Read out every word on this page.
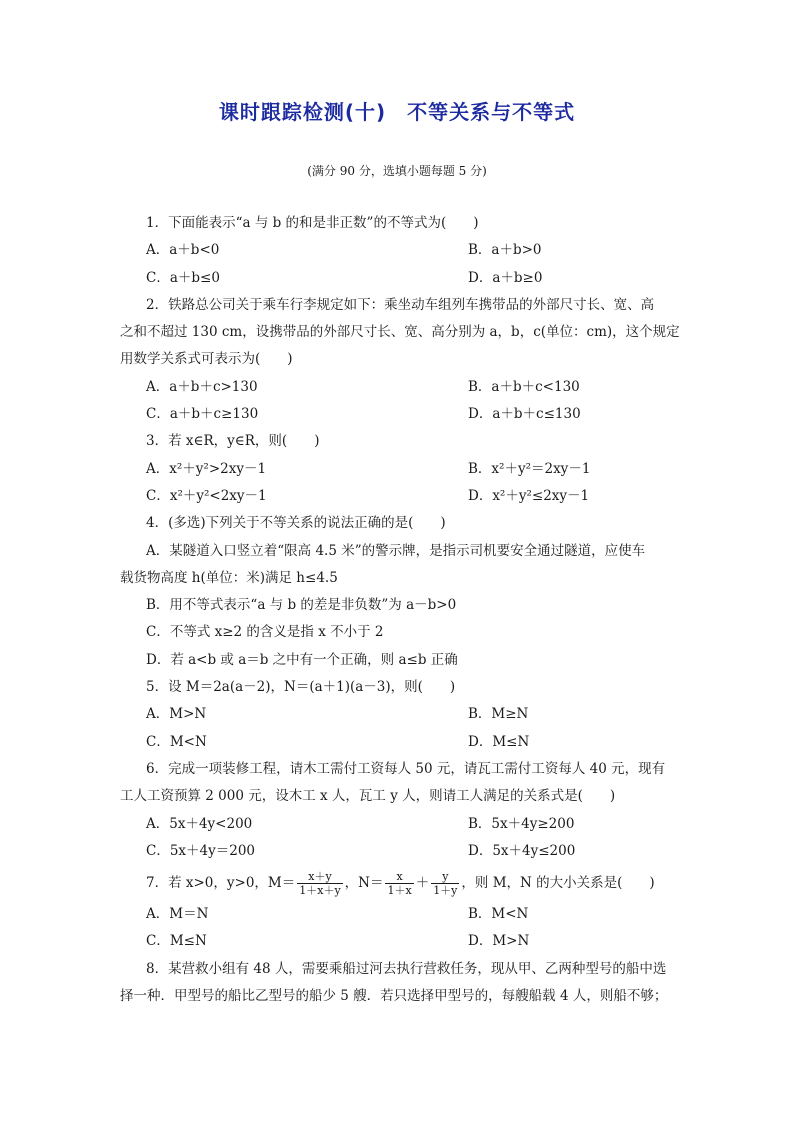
课时跟踪检测(十)　不等关系与不等式
(满分 90 分，选填小题每题 5 分)
1．下面能表示“a 与 b 的和是非正数”的不等式为(　　)
A．a＋b<0	B．a＋b>0
C．a＋b≤0	D．a＋b≥0
2．铁路总公司关于乘车行李规定如下：乘坐动车组列车携带品的外部尺寸长、宽、高
之和不超过 130 cm，设携带品的外部尺寸长、宽、高分别为 a，b，c(单位：cm)，这个规定
用数学关系式可表示为(　　)
A．a＋b＋c>130	B．a＋b＋c<130
C．a＋b＋c≥130	D．a＋b＋c≤130
3．若 x∈R，y∈R，则(　　)
A．x²＋y²>2xy－1	B．x²＋y²＝2xy－1
C．x²＋y²<2xy－1	D．x²＋y²≤2xy－1
4．(多选)下列关于不等关系的说法正确的是(　　)
A．某隧道入口竖立着“限高 4.5 米”的警示牌，是指示司机要安全通过隧道，应使车
载货物高度 h(单位：米)满足 h≤4.5
B．用不等式表示“a 与 b 的差是非负数”为 a－b>0
C．不等式 x≥2 的含义是指 x 不小于 2
D．若 a<b 或 a＝b 之中有一个正确，则 a≤b 正确
5．设 M＝2a(a－2)，N＝(a＋1)(a－3)，则(　　)
A．M>N	B．M≥N
C．M<N	D．M≤N
6．完成一项装修工程，请木工需付工资每人 50 元，请瓦工需付工资每人 40 元，现有
工人工资预算 2 000 元，设木工 x 人，瓦工 y 人，则请工人满足的关系式是(　　)
A．5x＋4y<200	B．5x＋4y≥200
C．5x＋4y＝200	D．5x＋4y≤200
7．若 x>0，y>0，$M= \frac{x+y}{1+x+y}$ ，$N= \frac{x}{1+x} + \frac{y}{1+y}$ ，则 M，N 的大小关系是(　　)
A．M＝N	B．M<N
C．M≤N	D．M>N
8．某营救小组有 48 人，需要乘船过河去执行营救任务，现从甲、乙两种型号的船中选
择一种．甲型号的船比乙型号的船少 5 艘．若只选择甲型号的，每艘船载 4 人，则船不够；
